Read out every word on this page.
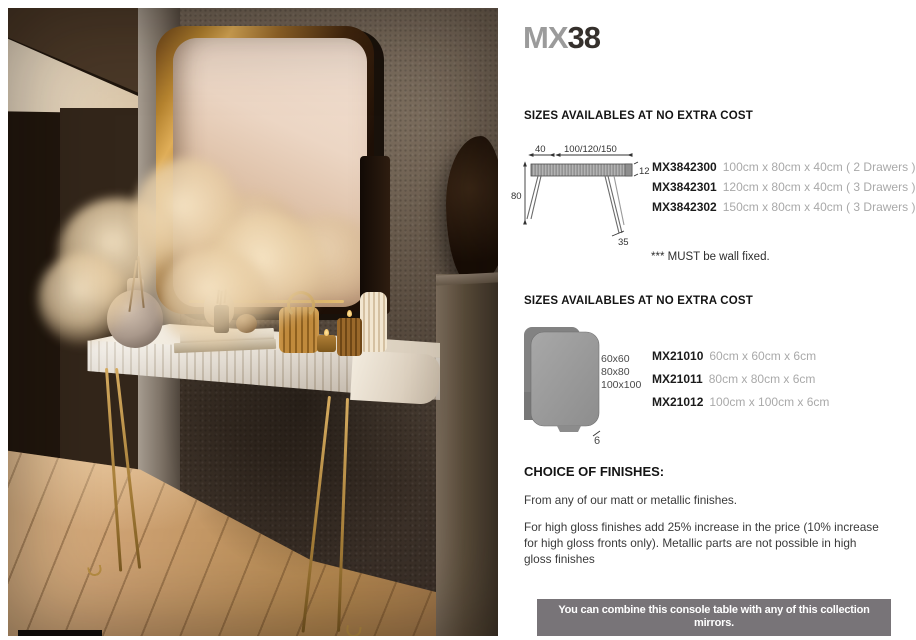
MX38
SIZES AVAILABLES AT NO EXTRA COST
40 100/120/150
12
80
35
MX3842300 100cm x 80cm x 40cm ( 2 Drawers )
MX3842301 120cm x 80cm x 40cm ( 3 Drawers )
MX3842302 150cm x 80cm x 40cm ( 3 Drawers )
*** MUST be wall fixed.
SIZES AVAILABLES AT NO EXTRA COST
60x60
80x80
100x100
6
MX21010 60cm x 60cm x 6cm
MX21011 80cm x 80cm x 6cm
MX21012 100cm x 100cm x 6cm
CHOICE OF FINISHES:
From any of our matt or metallic finishes.
For high gloss finishes add 25% increase in the price (10% increase for high gloss fronts only). Metallic parts are not possible in high gloss finishes
You can combine this console table with any of this collection mirrors.
